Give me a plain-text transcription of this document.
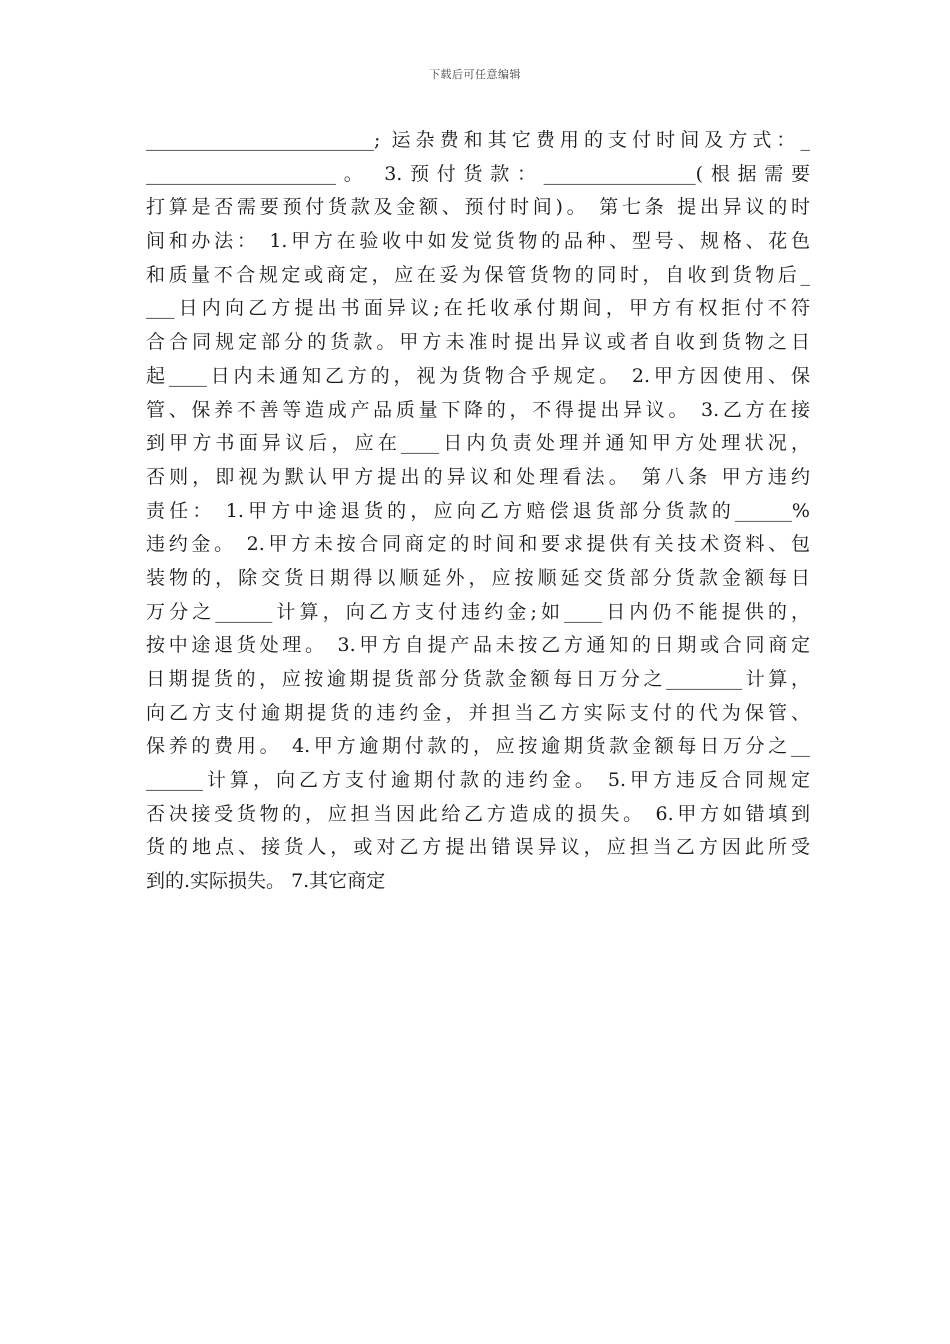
下载后可任意编辑
________________________; 运杂费和其它费用的支付时间及方式：_
____________________。 3.预付货款：________________(根据需要
打算是否需要预付货款及金额、预付时间)。 第七条 提出异议的时
间和办法： 1.甲方在验收中如发觉货物的品种、型号、规格、花色
和质量不合规定或商定，应在妥为保管货物的同时，自收到货物后_
___日内向乙方提出书面异议;在托收承付期间，甲方有权拒付不符
合合同规定部分的货款。甲方未准时提出异议或者自收到货物之日
起____日内未通知乙方的，视为货物合乎规定。 2.甲方因使用、保
管、保养不善等造成产品质量下降的，不得提出异议。 3.乙方在接
到甲方书面异议后，应在____日内负责处理并通知甲方处理状况，
否则，即视为默认甲方提出的异议和处理看法。 第八条 甲方违约
责任： 1.甲方中途退货的，应向乙方赔偿退货部分货款的______%
违约金。 2.甲方未按合同商定的时间和要求提供有关技术资料、包
装物的，除交货日期得以顺延外，应按顺延交货部分货款金额每日
万分之______计算，向乙方支付违约金;如____日内仍不能提供的，
按中途退货处理。 3.甲方自提产品未按乙方通知的日期或合同商定
日期提货的，应按逾期提货部分货款金额每日万分之________计算，
向乙方支付逾期提货的违约金，并担当乙方实际支付的代为保管、
保养的费用。 4.甲方逾期付款的，应按逾期货款金额每日万分之__
______计算，向乙方支付逾期付款的违约金。 5.甲方违反合同规定
否决接受货物的，应担当因此给乙方造成的损失。 6.甲方如错填到
货的地点、接货人，或对乙方提出错误异议，应担当乙方因此所受
到的.实际损失。 7.其它商定
